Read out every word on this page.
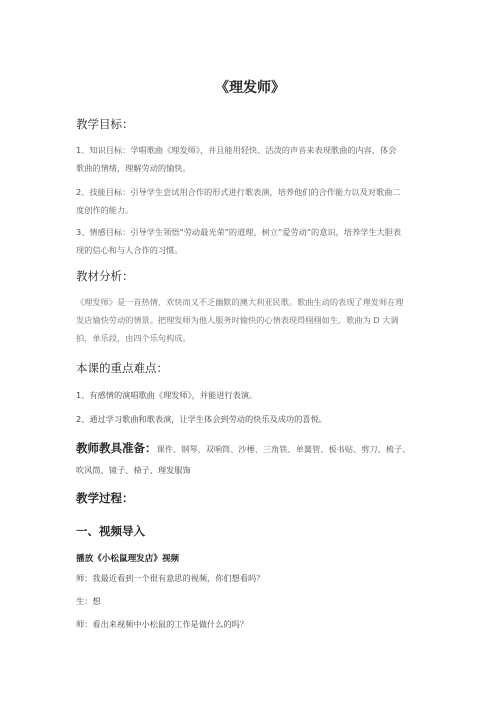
《理发师》
教学目标：
1、知识目标：学唱歌曲《理发师》，并且能用轻快、活泼的声音来表现歌曲的内容，体会
歌曲的情绪，理解劳动的愉快。
2、技能目标：引导学生尝试用合作的形式进行歌表演，培养他们的合作能力以及对歌曲二
度创作的能力。
3、情感目标：引导学生领悟“劳动最光荣”的道理，树立“爱劳动”的意识，培养学生大胆表
现的信心和与人合作的习惯。
教材分析：
《理发师》是一首热情、欢快而又不乏幽默的澳大利亚民歌。歌曲生动的表现了理发师在理
发店愉快劳动的情景。把理发师为他人服务时愉快的心情表现得栩栩如生。歌曲为 D 大调
拍，单乐段，由四个乐句构成。
本课的重点难点：
1、有感情的演唱歌曲《理发师》，并能进行表演。
2、通过学习歌曲和歌表演，让学生体会到劳动的快乐及成功的喜悦。
教师教具准备：课件、钢琴、双响筒、沙棰、三角铁、单簧管、板书贴、剪刀、梳子、
吹风筒、镜子、椅子、理发服饰
教学过程：
一、视频导入
播放《小松鼠理发店》视频
师：我最近看到一个很有意思的视频，你们想看吗？
生：想
师：看出来视频中小松鼠的工作是做什么的吗？
